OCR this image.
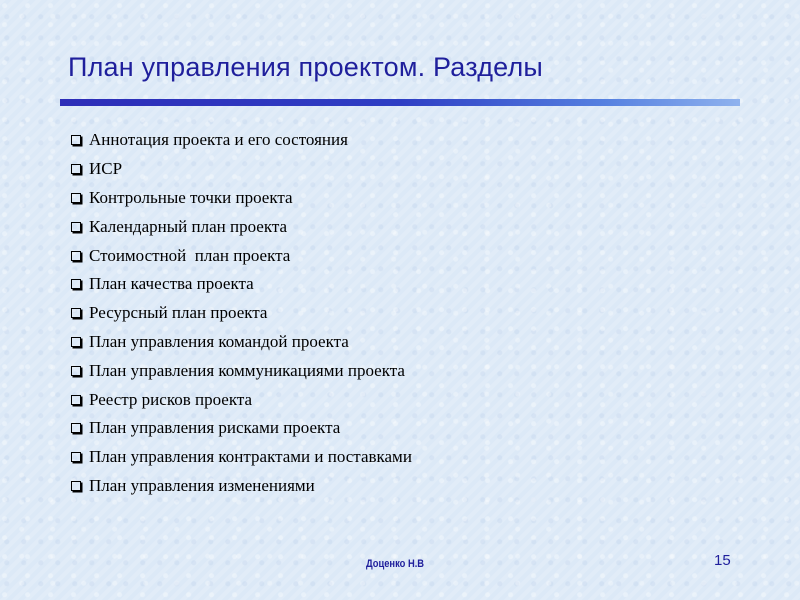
План управления проектом. Разделы
Аннотация проекта и его состояния
ИСР
Контрольные точки проекта
Календарный план проекта
Стоимостной  план проекта
План качества проекта
Ресурсный план проекта
План управления командой проекта
План управления коммуникациями проекта
Реестр рисков проекта
План управления рисками проекта
План управления контрактами и поставками
План управления изменениями
Доценко Н.В	15
